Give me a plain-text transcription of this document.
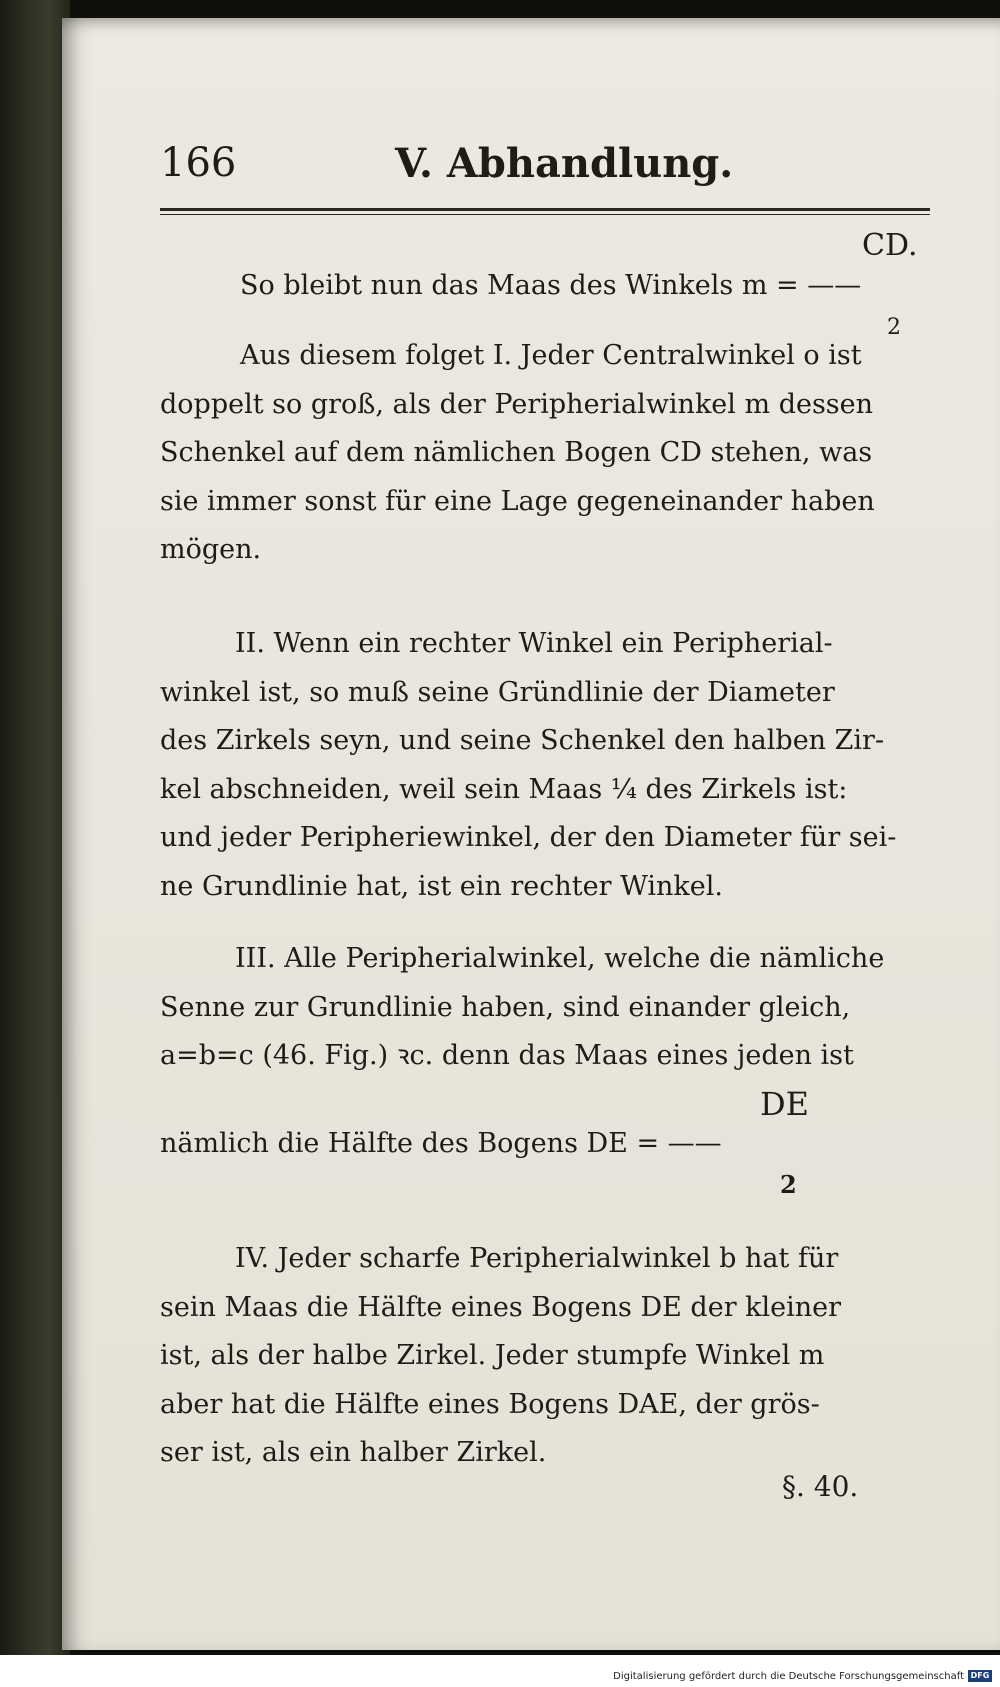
166	V. Abhandlung.
CD.
So bleibt nun das Maas des Winkels m = ——
2
Aus diesem folget I. Jeder Centralwinkel o ist
doppelt so groß, als der Peripherialwinkel m dessen
Schenkel auf dem nämlichen Bogen CD stehen, was
sie immer sonst für eine Lage gegeneinander haben
mögen.
II. Wenn ein rechter Winkel ein Peripherial-
winkel ist, so muß seine Gründlinie der Diameter
des Zirkels seyn, und seine Schenkel den halben Zir-
kel abschneiden, weil sein Maas ¼ des Zirkels ist:
und jeder Peripheriewinkel, der den Diameter für sei-
ne Grundlinie hat, ist ein rechter Winkel.
III. Alle Peripherialwinkel, welche die nämliche
Senne zur Grundlinie haben, sind einander gleich,
a=b=c (46. Fig.) ꝛc. denn das Maas eines jeden ist
DE
nämlich die Hälfte des Bogens DE = ——
2
IV. Jeder scharfe Peripherialwinkel b hat für
sein Maas die Hälfte eines Bogens DE der kleiner
ist, als der halbe Zirkel. Jeder stumpfe Winkel m
aber hat die Hälfte eines Bogens DAE, der grös-
ser ist, als ein halber Zirkel.
§. 40.
Digitalisierung gefördert durch die Deutsche Forschungsgemeinschaft DFG
